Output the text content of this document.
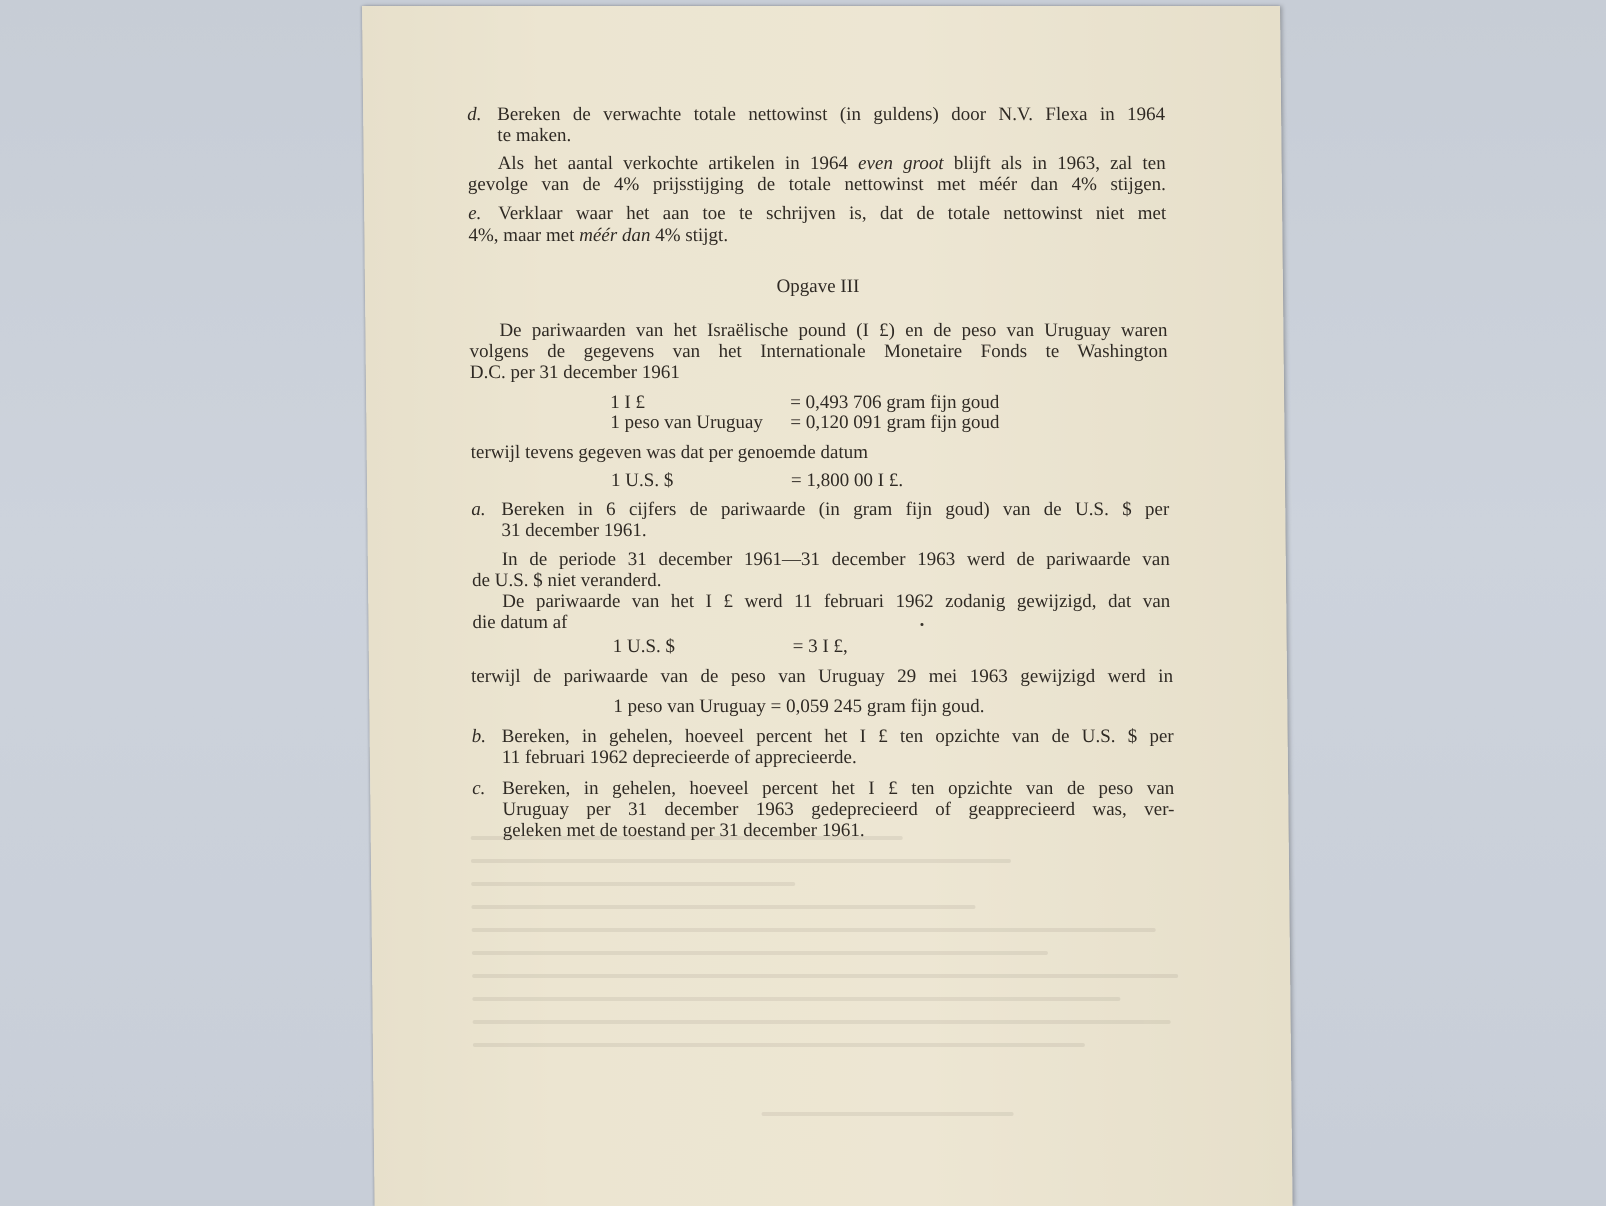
d. Bereken de verwachte totale nettowinst (in guldens) door N.V. Flexa in 1964
te maken.
Als het aantal verkochte artikelen in 1964 even groot blijft als in 1963, zal ten
gevolge van de 4% prijsstijging de totale nettowinst met méér dan 4% stijgen.
e. Verklaar waar het aan toe te schrijven is, dat de totale nettowinst niet met
4%, maar met méér dan 4% stijgt.
Opgave III
De pariwaarden van het Israëlische pound (I £) en de peso van Uruguay waren
volgens de gegevens van het Internationale Monetaire Fonds te Washington
D.C. per 31 december 1961
1 I £	= 0,493 706 gram fijn goud
1 peso van Uruguay = 0,120 091 gram fijn goud
terwijl tevens gegeven was dat per genoemde datum
1 U.S. $	= 1,800 00 I £.
a. Bereken in 6 cijfers de pariwaarde (in gram fijn goud) van de U.S. $ per
31 december 1961.
In de periode 31 december 1961—31 december 1963 werd de pariwaarde van
de U.S. $ niet veranderd.
De pariwaarde van het I £ werd 11 februari 1962 zodanig gewijzigd, dat van
die datum af
1 U.S. $	= 3 I £,
terwijl de pariwaarde van de peso van Uruguay 29 mei 1963 gewijzigd werd in
1 peso van Uruguay = 0,059 245 gram fijn goud.
b. Bereken, in gehelen, hoeveel percent het I £ ten opzichte van de U.S. $ per
11 februari 1962 deprecieerde of apprecieerde.
c. Bereken, in gehelen, hoeveel percent het I £ ten opzichte van de peso van
Uruguay per 31 december 1963 gedeprecieerd of geapprecieerd was, ver-
geleken met de toestand per 31 december 1961.
